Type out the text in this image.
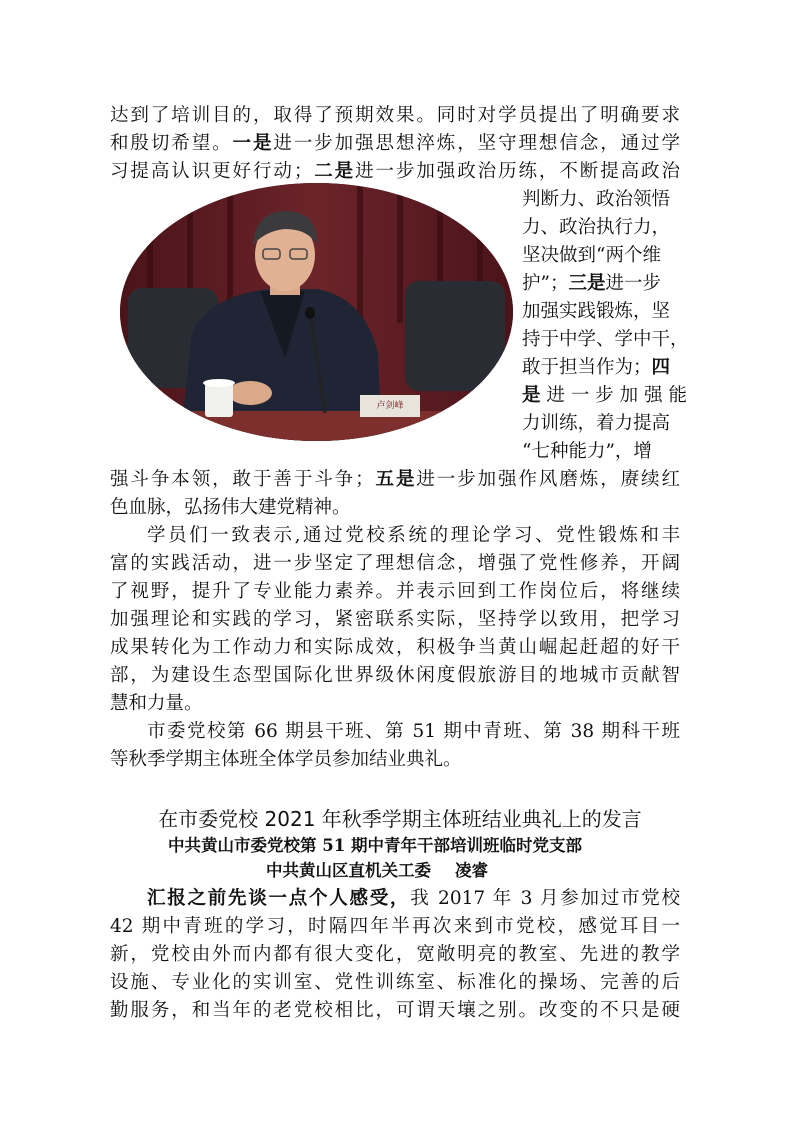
达到了培训目的，取得了预期效果。同时对学员提出了明确要求
和殷切希望。一是进一步加强思想淬炼，坚守理想信念，通过学
习提高认识更好行动；二是进一步加强政治历练，不断提高政治
卢剑峰
判断力、政治领悟
力、政治执行力，
坚决做到“两个维
护”；三是进一步
加强实践锻炼，坚
持于中学、学中干，
敢于担当作为；四
是进一步加强能
力训练，着力提高
“七种能力”，增
强斗争本领，敢于善于斗争；五是进一步加强作风磨炼，赓续红
色血脉，弘扬伟大建党精神。
学员们一致表示,通过党校系统的理论学习、党性锻炼和丰
富的实践活动，进一步坚定了理想信念，增强了党性修养，开阔
了视野，提升了专业能力素养。并表示回到工作岗位后，将继续
加强理论和实践的学习，紧密联系实际，坚持学以致用，把学习
成果转化为工作动力和实际成效，积极争当黄山崛起赶超的好干
部，为建设生态型国际化世界级休闲度假旅游目的地城市贡献智
慧和力量。
市委党校第 66 期县干班、第 51 期中青班、第 38 期科干班
等秋季学期主体班全体学员参加结业典礼。
在市委党校 2021 年秋季学期主体班结业典礼上的发言
中共黄山市委党校第 51 期中青年干部培训班临时党支部
中共黄山区直机关工委 凌睿
汇报之前先谈一点个人感受，我 2017 年 3 月参加过市党校
42 期中青班的学习，时隔四年半再次来到市党校，感觉耳目一
新，党校由外而内都有很大变化，宽敞明亮的教室、先进的教学
设施、专业化的实训室、党性训练室、标准化的操场、完善的后
勤服务，和当年的老党校相比，可谓天壤之别。改变的不只是硬
